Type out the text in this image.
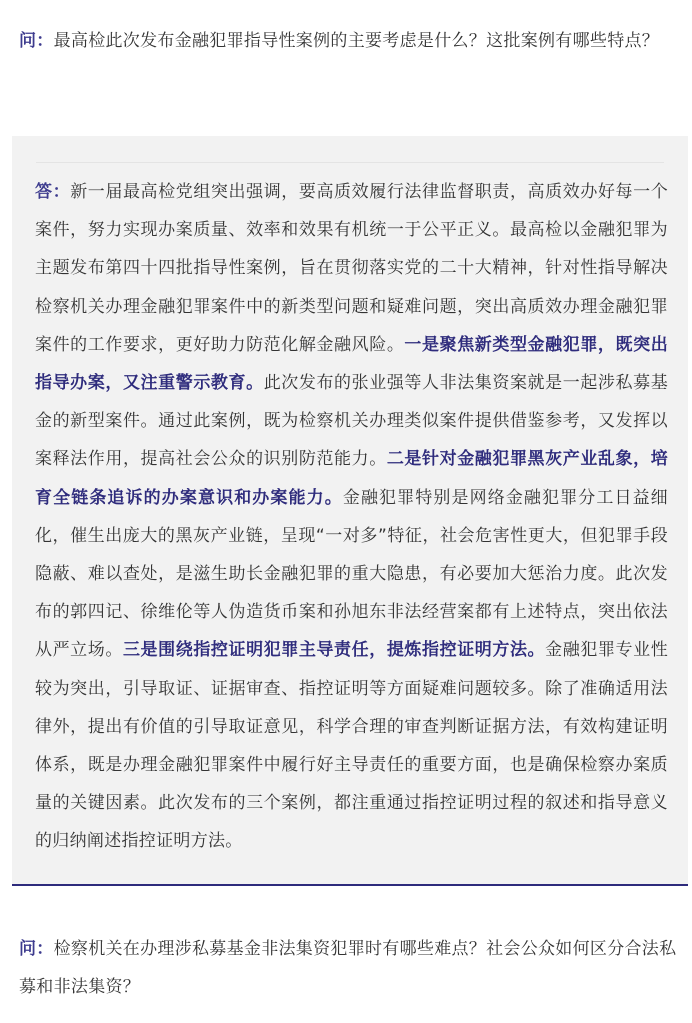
问：最高检此次发布金融犯罪指导性案例的主要考虑是什么？这批案例有哪些特点？

答：新一届最高检党组突出强调，要高质效履行法律监督职责，高质效办好每一个案件，努力实现办案质量、效率和效果有机统一于公平正义。最高检以金融犯罪为主题发布第四十四批指导性案例，旨在贯彻落实党的二十大精神，针对性指导解决检察机关办理金融犯罪案件中的新类型问题和疑难问题，突出高质效办理金融犯罪案件的工作要求，更好助力防范化解金融风险。一是聚焦新类型金融犯罪，既突出指导办案，又注重警示教育。此次发布的张业强等人非法集资案就是一起涉私募基金的新型案件。通过此案例，既为检察机关办理类似案件提供借鉴参考，又发挥以案释法作用，提高社会公众的识别防范能力。二是针对金融犯罪黑灰产业乱象，培育全链条追诉的办案意识和办案能力。金融犯罪特别是网络金融犯罪分工日益细化，催生出庞大的黑灰产业链，呈现“一对多”特征，社会危害性更大，但犯罪手段隐蔽、难以查处，是滋生助长金融犯罪的重大隐患，有必要加大惩治力度。此次发布的郭四记、徐维伦等人伪造货币案和孙旭东非法经营案都有上述特点，突出依法从严立场。三是围绕指控证明犯罪主导责任，提炼指控证明方法。金融犯罪专业性较为突出，引导取证、证据审查、指控证明等方面疑难问题较多。除了准确适用法律外，提出有价值的引导取证意见，科学合理的审查判断证据方法，有效构建证明体系，既是办理金融犯罪案件中履行好主导责任的重要方面，也是确保检察办案质量的关键因素。此次发布的三个案例，都注重通过指控证明过程的叙述和指导意义的归纳阐述指控证明方法。

问：检察机关在办理涉私募基金非法集资犯罪时有哪些难点？社会公众如何区分合法私募和非法集资？
